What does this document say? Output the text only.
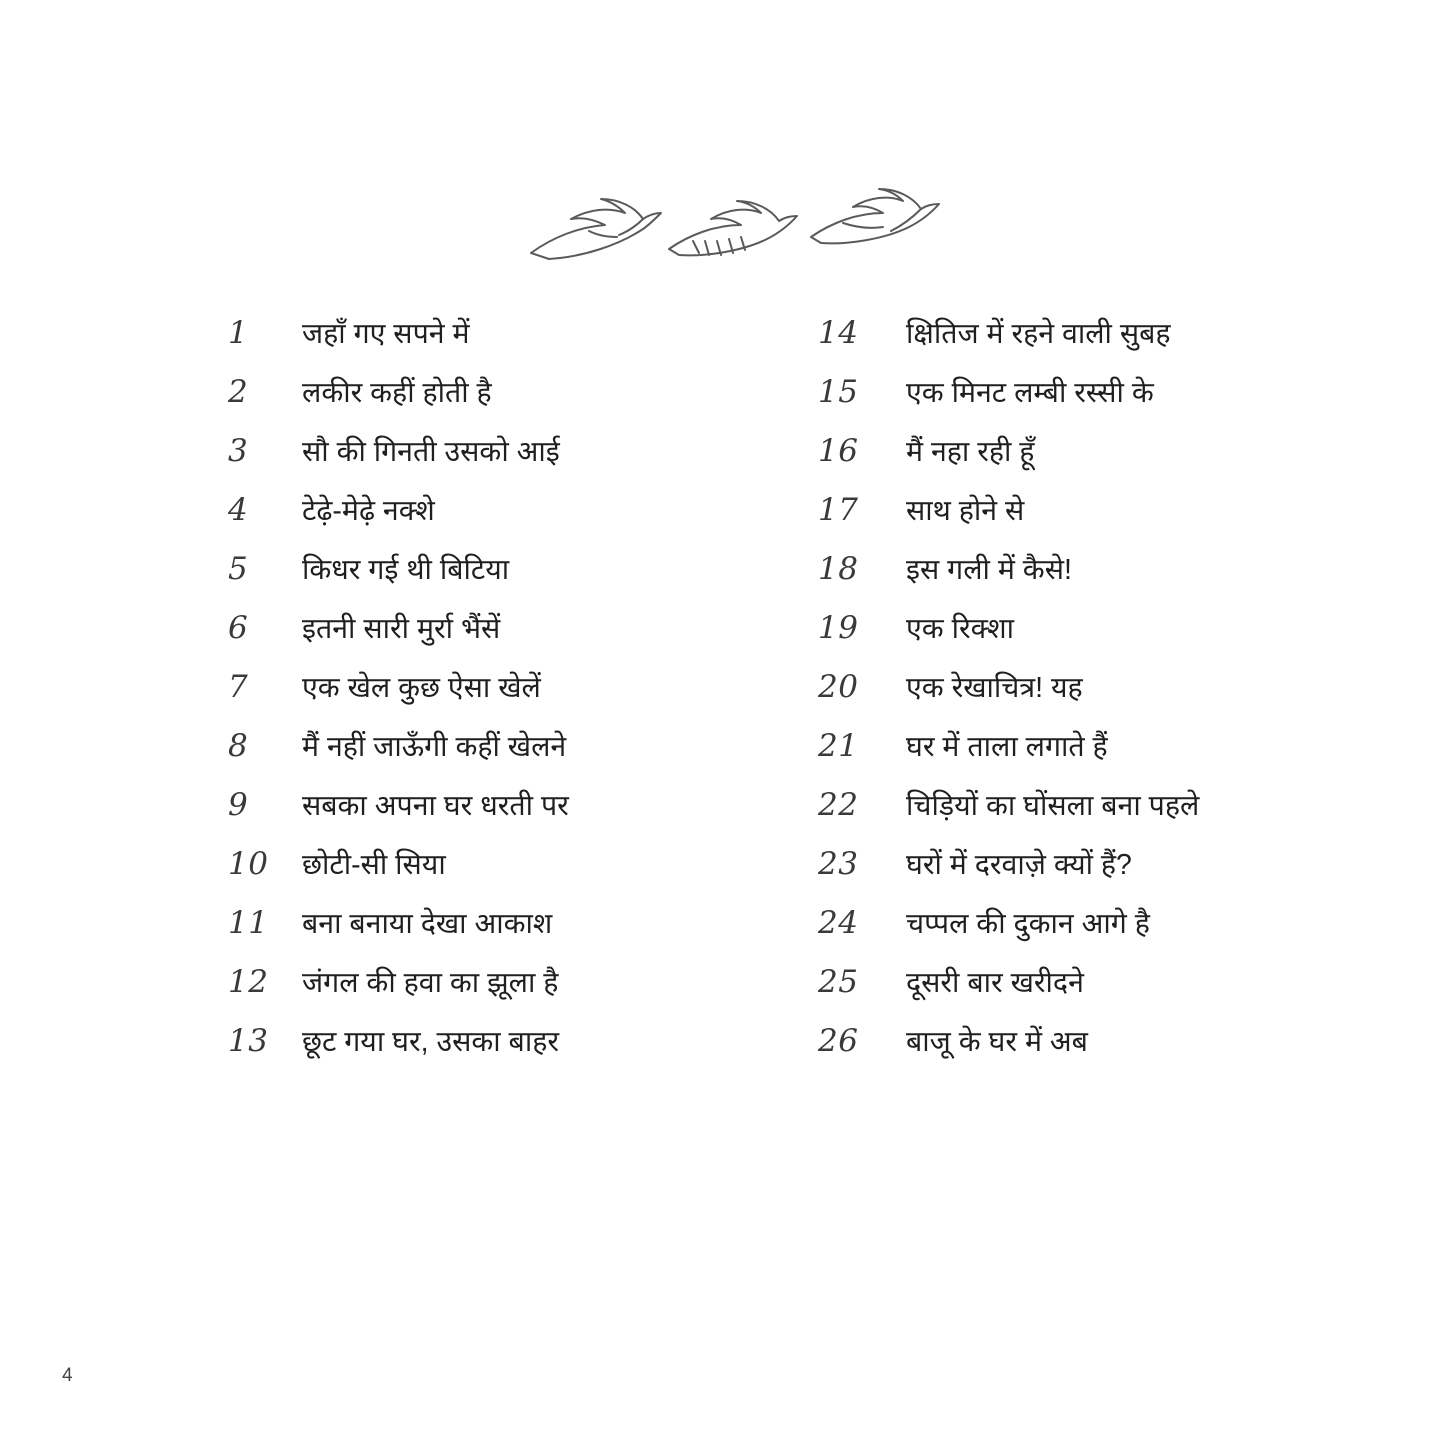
1	जहाँ गए सपने में
2	लकीर कहीं होती है
3	सौ की गिनती उसको आई
4	टेढ़े-मेढ़े नक्शे
5	किधर गई थी बिटिया
6	इतनी सारी मुर्रा भैंसें
7	एक खेल कुछ ऐसा खेलें
8	मैं नहीं जाऊँगी कहीं खेलने
9	सबका अपना घर धरती पर
10	छोटी-सी सिया
11	बना बनाया देखा आकाश
12	जंगल की हवा का झूला है
13	छूट गया घर, उसका बाहर
14	क्षितिज में रहने वाली सुबह
15	एक मिनट लम्बी रस्सी के
16	मैं नहा रही हूँ
17	साथ होने से
18	इस गली में कैसे!
19	एक रिक्शा
20	एक रेखाचित्र! यह
21	घर में ताला लगाते हैं
22	चिड़ियों का घोंसला बना पहले
23	घरों में दरवाज़े क्यों हैं?
24	चप्पल की दुकान आगे है
25	दूसरी बार खरीदने
26	बाजू के घर में अब
4
